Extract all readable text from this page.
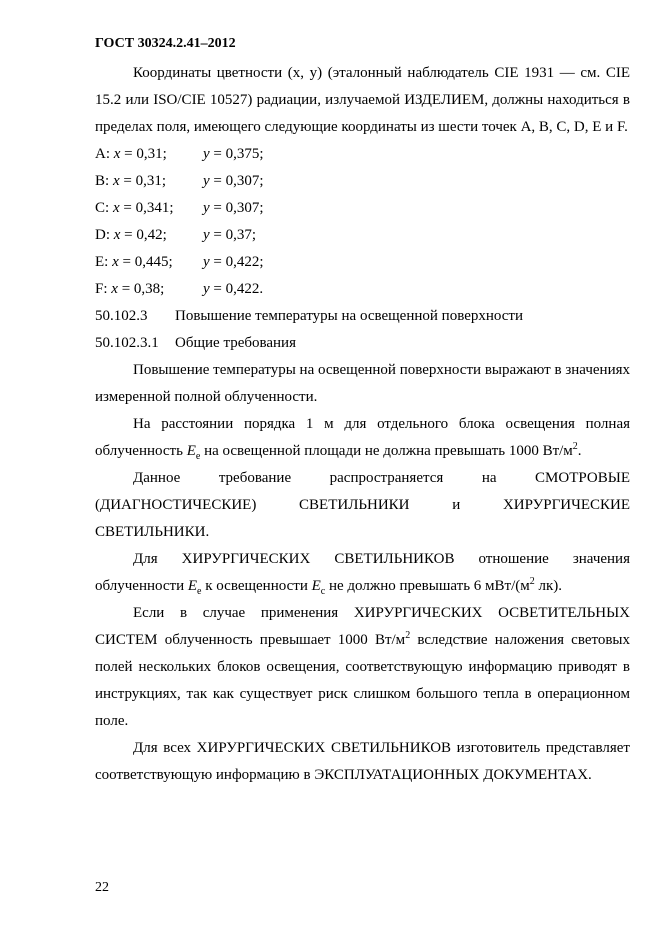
ГОСТ 30324.2.41–2012

Координаты цветности (x, y) (эталонный наблюдатель CIE 1931 — см. CIE 15.2 или ISO/CIE 10527) радиации, излучаемой ИЗДЕЛИЕМ, должны находиться в пределах поля, имеющего следующие координаты из шести точек A, B, C, D, E и F.

A: x = 0,31; y = 0,375;

B: x = 0,31; y = 0,307;

C: x = 0,341; y = 0,307;

D: x = 0,42; y = 0,37;

E: x = 0,445; y = 0,422;

F: x = 0,38;	y = 0,422.

50.102.3 Повышение температуры на освещенной поверхности

50.102.3.1 Общие требования

Повышение температуры на освещенной поверхности выражают в значениях измеренной полной облученности.

На расстоянии порядка 1 м для отдельного блока освещения полная облученность $E_e$ на освещенной площади не должна превышать 1000 $Вт/м^2$.

Данное требование распространяется на СМОТРОВЫЕ (ДИАГНОСТИЧЕСКИЕ) СВЕТИЛЬНИКИ и ХИРУРГИЧЕСКИЕ СВЕТИЛЬНИКИ.

Для ХИРУРГИЧЕСКИХ СВЕТИЛЬНИКОВ отношение значения облученности $E_e$ к освещенности $E_c$ не должно превышать 6 мВт/($м^2$ лк).

Если в случае применения ХИРУРГИЧЕСКИХ ОСВЕТИТЕЛЬНЫХ СИСТЕМ облученность превышает 1000 $Вт/м^2$ вследствие наложения световых полей нескольких блоков освещения, соответствующую информацию приводят в инструкциях, так как существует риск слишком большого тепла в операционном поле.

Для всех ХИРУРГИЧЕСКИХ СВЕТИЛЬНИКОВ изготовитель представляет соответствующую информацию в ЭКСПЛУАТАЦИОННЫХ ДОКУМЕНТАХ.

22
